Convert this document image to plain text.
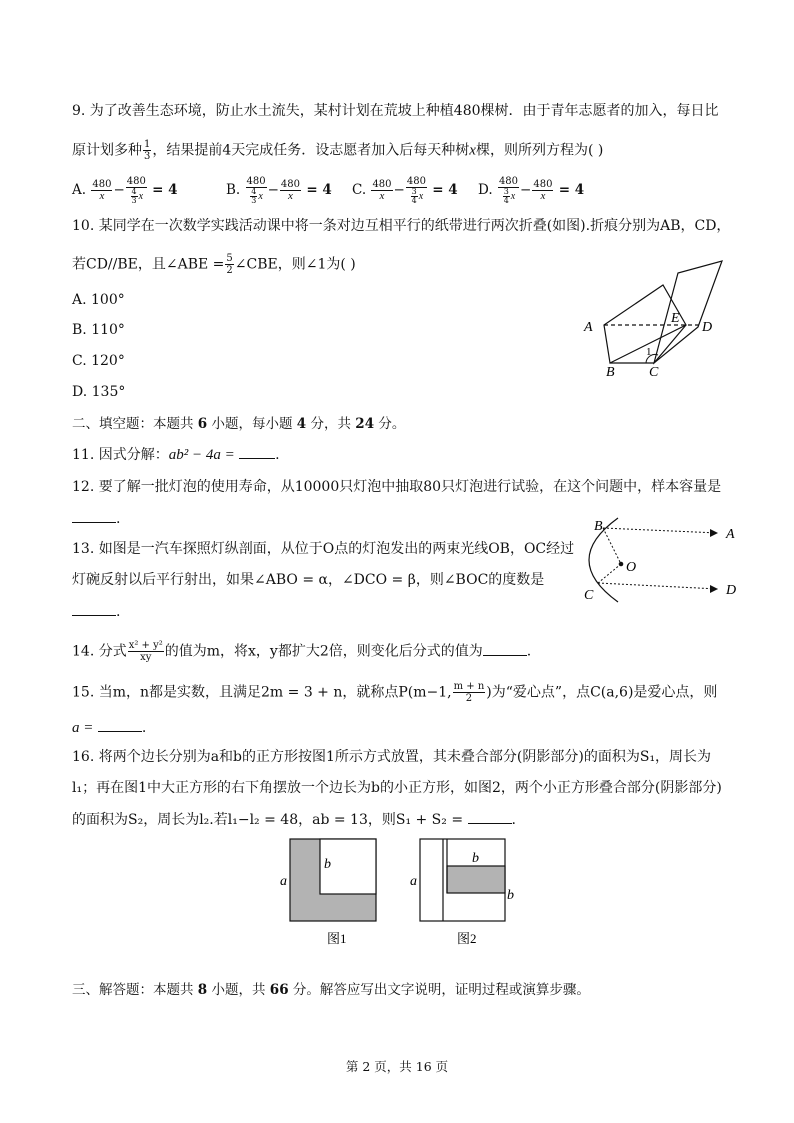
9. 为了改善生态环境，防止水土流失，某村计划在荒坡上种植480棵树．由于青年志愿者的加入，每日比
原计划多种 $\frac{1}{3}$ ，结果提前4天完成任务．设志愿者加入后每天种树x棵，则所列方程为( )
A. $\frac{480}{x} - \frac{480}{\frac{4}{3} x} = 4$	B. $\frac{480}{\frac{4}{3} x} - \frac{480}{x} = 4$ C. $\frac{480}{x} - \frac{480}{\frac{3}{4} x} = 4$ D. $\frac{480}{\frac{3}{4} x} - \frac{480}{x} = 4$
10. 某同学在一次数学实践活动课中将一条对边互相平行的纸带进行两次折叠(如图).折痕分别为AB，CD，
若CD//BE，且∠ABE = $\frac{5}{2}$ ∠CBE，则∠1为( )
A. 100°
B. 110°
C. 120°
D. 135°
A
B C
D
E
1
二、填空题：本题共 6 小题，每小题 4 分，共 24 分。
11. 因式分解：ab² − 4a =	.
12. 要了解一批灯泡的使用寿命，从10000只灯泡中抽取80只灯泡进行试验，在这个问题中，样本容量是
.
13. 如图是一汽车探照灯纵剖面，从位于O点的灯泡发出的两束光线OB，OC经过
灯碗反射以后平行射出，如果∠ABO = α，∠DCO = β，则∠BOC的度数是
.
B
A
O
C	D
14. 分式 $\frac{\text{x² + y²}}{xy}$ 的值为m，将x，y都扩大2倍，则变化后分式的值为	.
15. 当m，n都是实数，且满足2m = 3 + n，就称点P(m−1, $\frac{m + n}{2}$ )为“爱心点”，点C(a,6)是爱心点，则
a =	.
16. 将两个边长分别为a和b的正方形按图1所示方式放置，其未叠合部分(阴影部分)的面积为S₁，周长为
l₁；再在图1中大正方形的右下角摆放一个边长为b的小正方形，如图2，两个小正方形叠合部分(阴影部分)
的面积为S₂，周长为l₂.若l₁−l₂ = 48，ab = 13，则S₁ + S₂ =	.
a
b
图1
a
b
b
图2
三、解答题：本题共 8 小题，共 66 分。解答应写出文字说明，证明过程或演算步骤。
第 2 页，共 16 页
